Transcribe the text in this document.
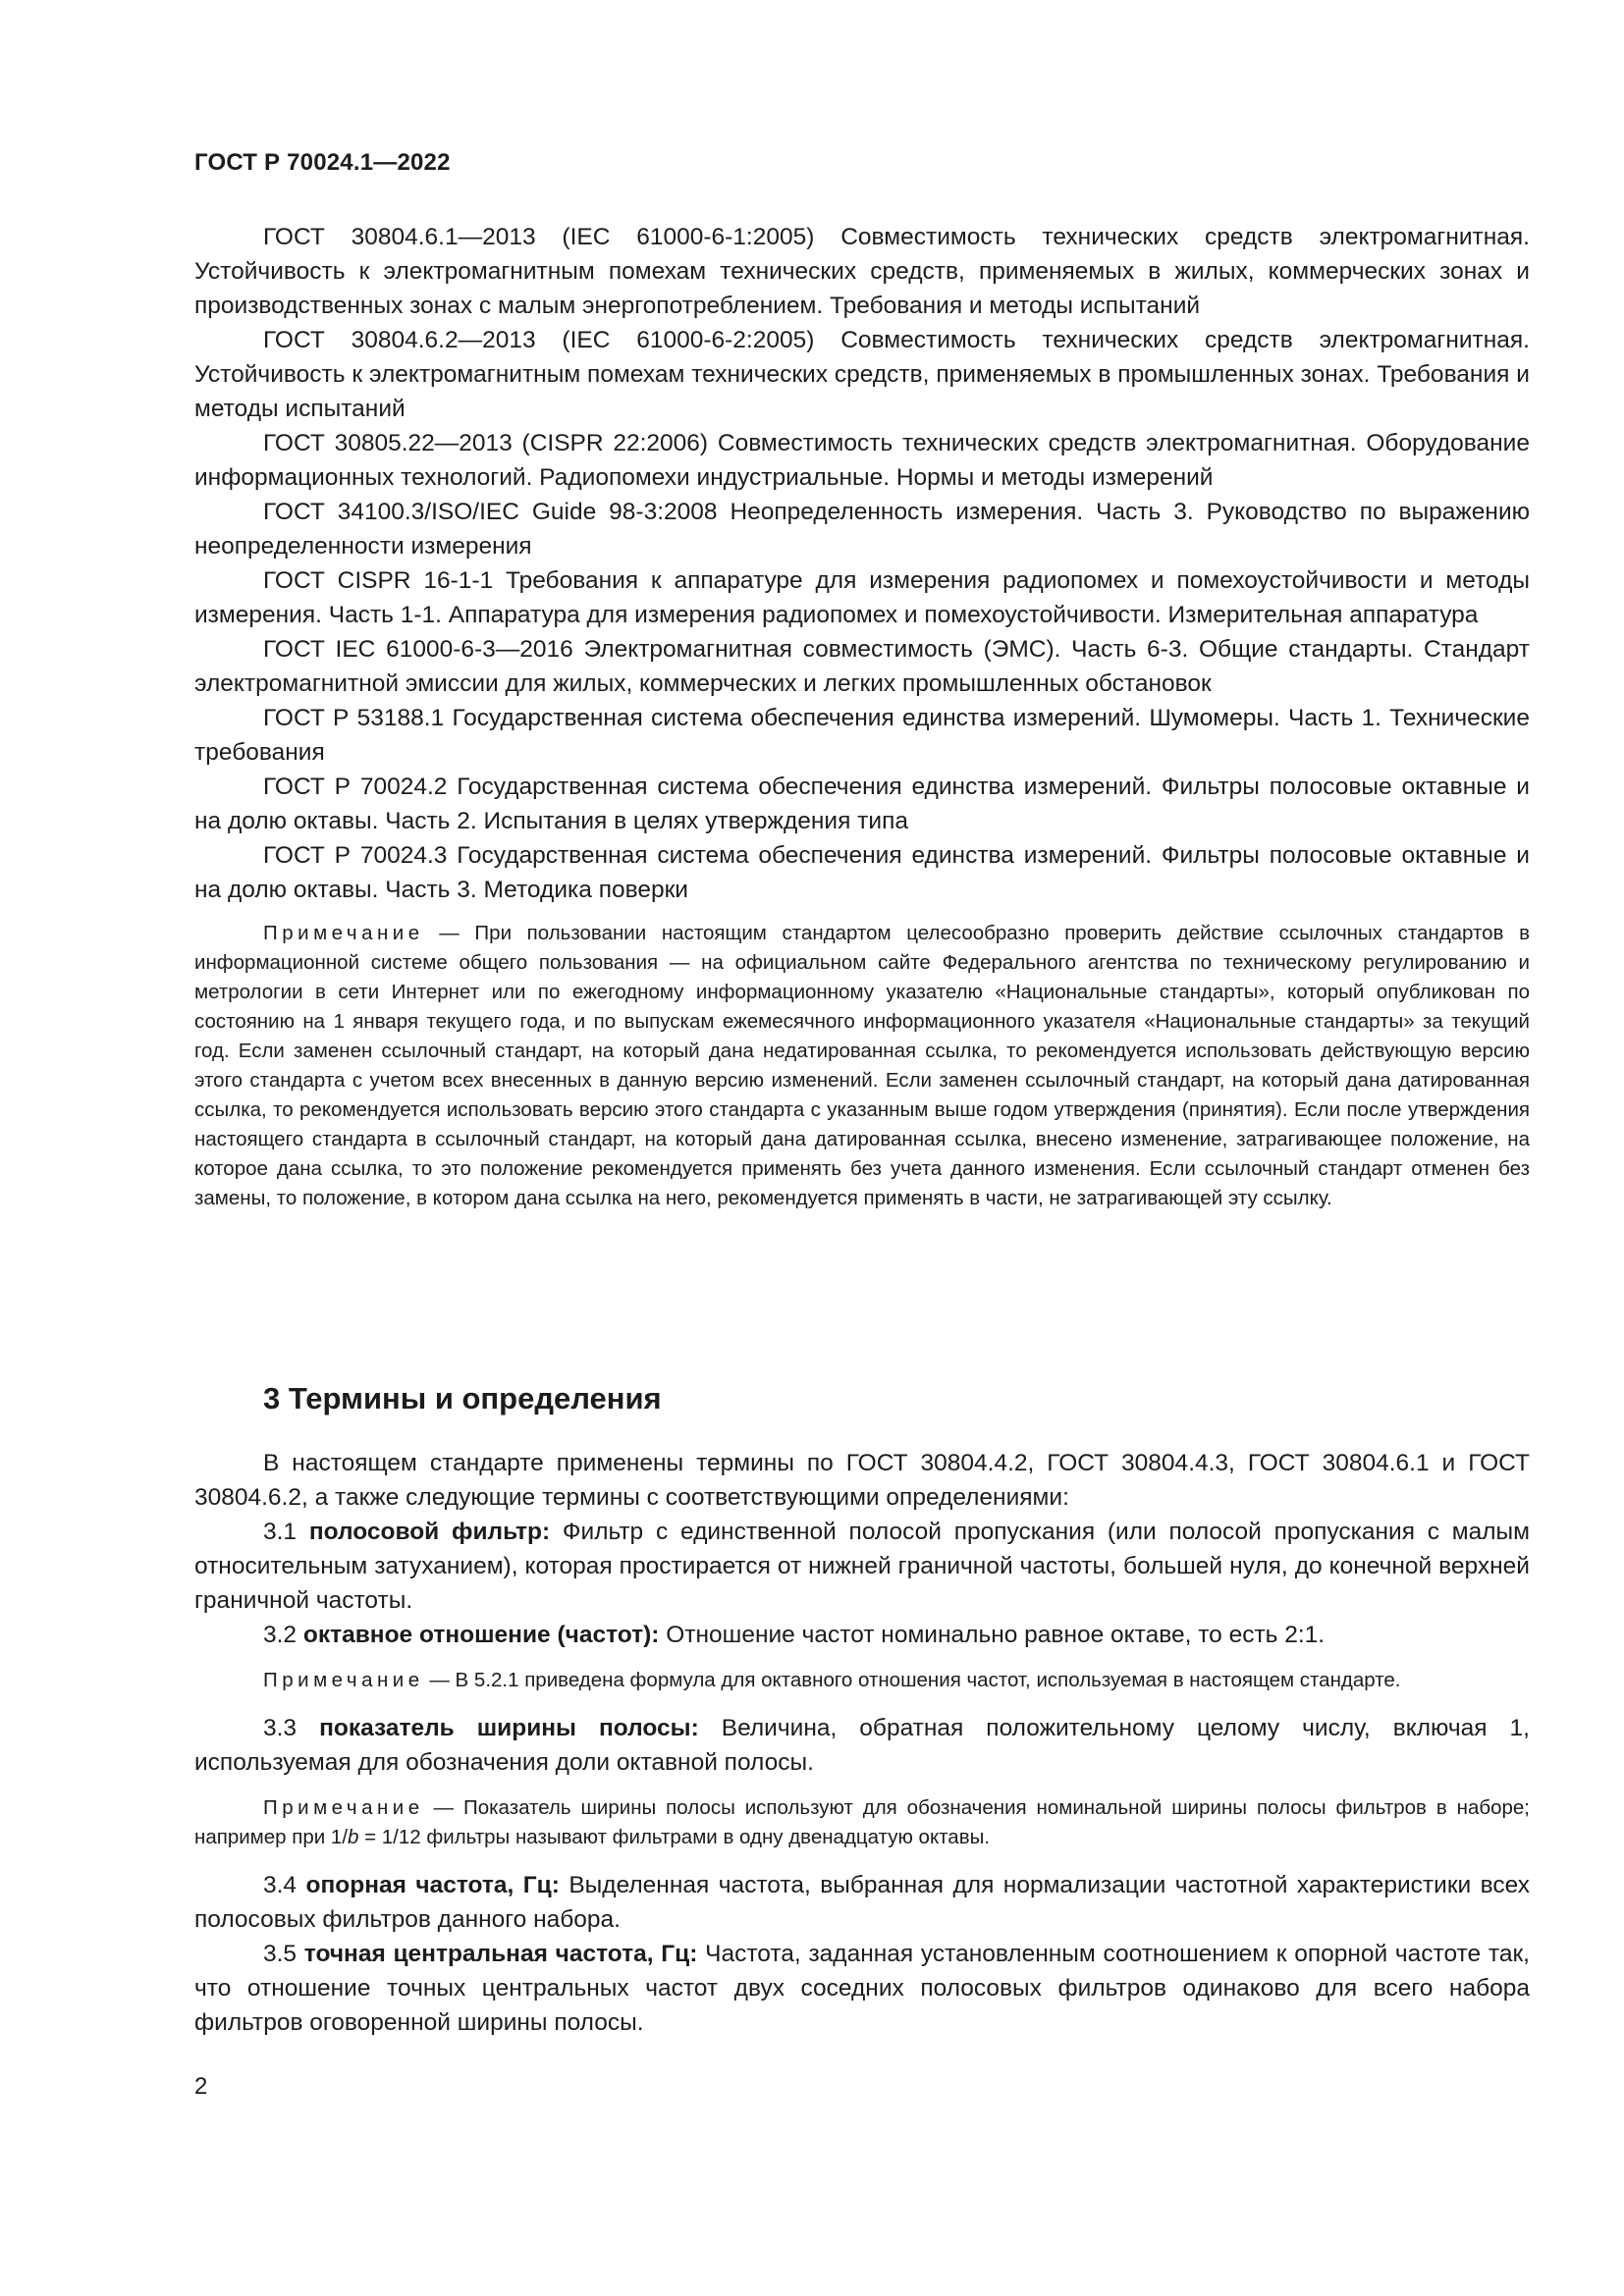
ГОСТ Р 70024.1—2022

ГОСТ 30804.6.1—2013 (IEC 61000-6-1:2005) Совместимость технических средств электромагнитная. Устойчивость к электромагнитным помехам технических средств, применяемых в жилых, коммерческих зонах и производственных зонах с малым энергопотреблением. Требования и методы испытаний

ГОСТ 30804.6.2—2013 (IEC 61000-6-2:2005) Совместимость технических средств электромагнитная. Устойчивость к электромагнитным помехам технических средств, применяемых в промышленных зонах. Требования и методы испытаний

ГОСТ 30805.22—2013 (CISPR 22:2006) Совместимость технических средств электромагнитная. Оборудование информационных технологий. Радиопомехи индустриальные. Нормы и методы измерений

ГОСТ 34100.3/ISO/IEC Guide 98-3:2008 Неопределенность измерения. Часть 3. Руководство по выражению неопределенности измерения

ГОСТ CISPR 16-1-1 Требования к аппаратуре для измерения радиопомех и помехоустойчивости и методы измерения. Часть 1-1. Аппаратура для измерения радиопомех и помехоустойчивости. Измерительная аппаратура

ГОСТ IEC 61000-6-3—2016 Электромагнитная совместимость (ЭМС). Часть 6-3. Общие стандарты. Стандарт электромагнитной эмиссии для жилых, коммерческих и легких промышленных обстановок

ГОСТ Р 53188.1 Государственная система обеспечения единства измерений. Шумомеры. Часть 1. Технические требования

ГОСТ Р 70024.2 Государственная система обеспечения единства измерений. Фильтры полосовые октавные и на долю октавы. Часть 2. Испытания в целях утверждения типа

ГОСТ Р 70024.3 Государственная система обеспечения единства измерений. Фильтры полосовые октавные и на долю октавы. Часть 3. Методика поверки

Примечание — При пользовании настоящим стандартом целесообразно проверить действие ссылочных стандартов в информационной системе общего пользования — на официальном сайте Федерального агентства по техническому регулированию и метрологии в сети Интернет или по ежегодному информационному указателю «Национальные стандарты», который опубликован по состоянию на 1 января текущего года, и по выпускам ежемесячного информационного указателя «Национальные стандарты» за текущий год. Если заменен ссылочный стандарт, на который дана недатированная ссылка, то рекомендуется использовать действующую версию этого стандарта с учетом всех внесенных в данную версию изменений. Если заменен ссылочный стандарт, на который дана датированная ссылка, то рекомендуется использовать версию этого стандарта с указанным выше годом утверждения (принятия). Если после утверждения настоящего стандарта в ссылочный стандарт, на который дана датированная ссылка, внесено изменение, затрагивающее положение, на которое дана ссылка, то это положение рекомендуется применять без учета данного изменения. Если ссылочный стандарт отменен без замены, то положение, в котором дана ссылка на него, рекомендуется применять в части, не затрагивающей эту ссылку.

3 Термины и определения

В настоящем стандарте применены термины по ГОСТ 30804.4.2, ГОСТ 30804.4.3, ГОСТ 30804.6.1 и ГОСТ 30804.6.2, а также следующие термины с соответствующими определениями:

3.1 полосовой фильтр: Фильтр с единственной полосой пропускания (или полосой пропускания с малым относительным затуханием), которая простирается от нижней граничной частоты, большей нуля, до конечной верхней граничной частоты.

3.2 октавное отношение (частот): Отношение частот номинально равное октаве, то есть 2:1.

Примечание — В 5.2.1 приведена формула для октавного отношения частот, используемая в настоящем стандарте.

3.3 показатель ширины полосы: Величина, обратная положительному целому числу, включая 1, используемая для обозначения доли октавной полосы.

Примечание — Показатель ширины полосы используют для обозначения номинальной ширины полосы фильтров в наборе; например при 1/b = 1/12 фильтры называют фильтрами в одну двенадцатую октавы.

3.4 опорная частота, Гц: Выделенная частота, выбранная для нормализации частотной характеристики всех полосовых фильтров данного набора.

3.5 точная центральная частота, Гц: Частота, заданная установленным соотношением к опорной частоте так, что отношение точных центральных частот двух соседних полосовых фильтров одинаково для всего набора фильтров оговоренной ширины полосы.

2
